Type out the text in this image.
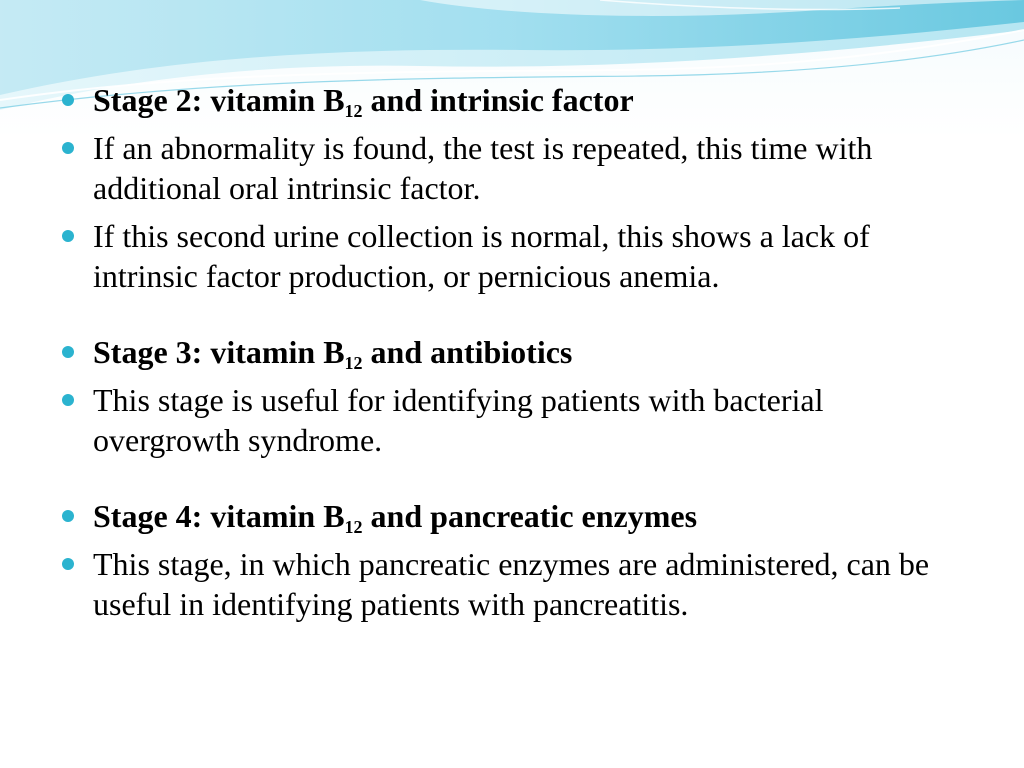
Stage 2: vitamin $B_{12}$ and intrinsic factor
If an abnormality is found, the test is repeated, this time with additional oral intrinsic factor.
If this second urine collection is normal, this shows a lack of intrinsic factor production, or pernicious anemia.
Stage 3: vitamin $B_{12}$ and antibiotics
This stage is useful for identifying patients with bacterial overgrowth syndrome.
Stage 4: vitamin $B_{12}$ and pancreatic enzymes
This stage, in which pancreatic enzymes are administered, can be useful in identifying patients with pancreatitis.
